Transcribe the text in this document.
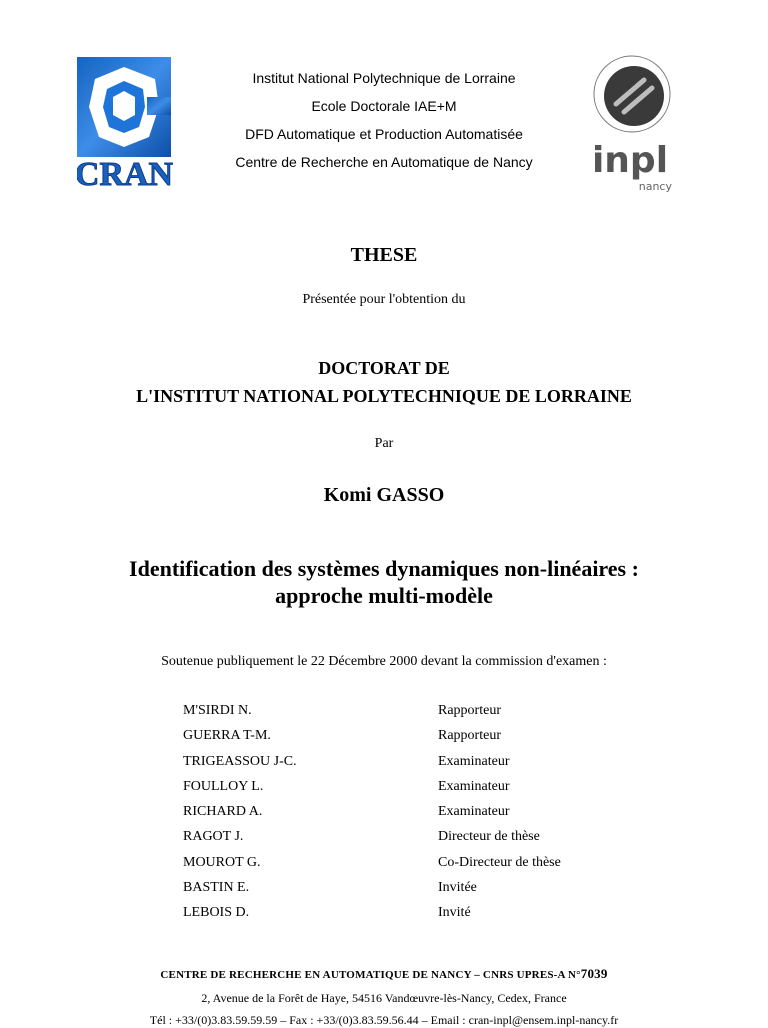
CRAN	inpl
nancy
Institut National Polytechnique de Lorraine
Ecole Doctorale IAE+M
DFD Automatique et Production Automatisée
Centre de Recherche en Automatique de Nancy
THESE
Présentée pour l'obtention du
DOCTORAT DE
L'INSTITUT NATIONAL POLYTECHNIQUE DE LORRAINE
Par
Komi GASSO
Identification des systèmes dynamiques non-linéaires :
approche multi-modèle
Soutenue publiquement le 22 Décembre 2000 devant la commission d'examen :
M'SIRDI N.	Rapporteur
GUERRA T-M.	Rapporteur
TRIGEASSOU J-C.	Examinateur
FOULLOY L.	Examinateur
RICHARD A.	Examinateur
RAGOT J.	Directeur de thèse
MOUROT G.	Co-Directeur de thèse
BASTIN E.	Invitée
LEBOIS D.	Invité
CENTRE DE RECHERCHE EN AUTOMATIQUE DE NANCY – CNRS UPRES-A N°7039
2, Avenue de la Forêt de Haye, 54516 Vandœuvre-lès-Nancy, Cedex, France
Tél : +33/(0)3.83.59.59.59 – Fax : +33/(0)3.83.59.56.44 – Email : cran-inpl@ensem.inpl-nancy.fr
